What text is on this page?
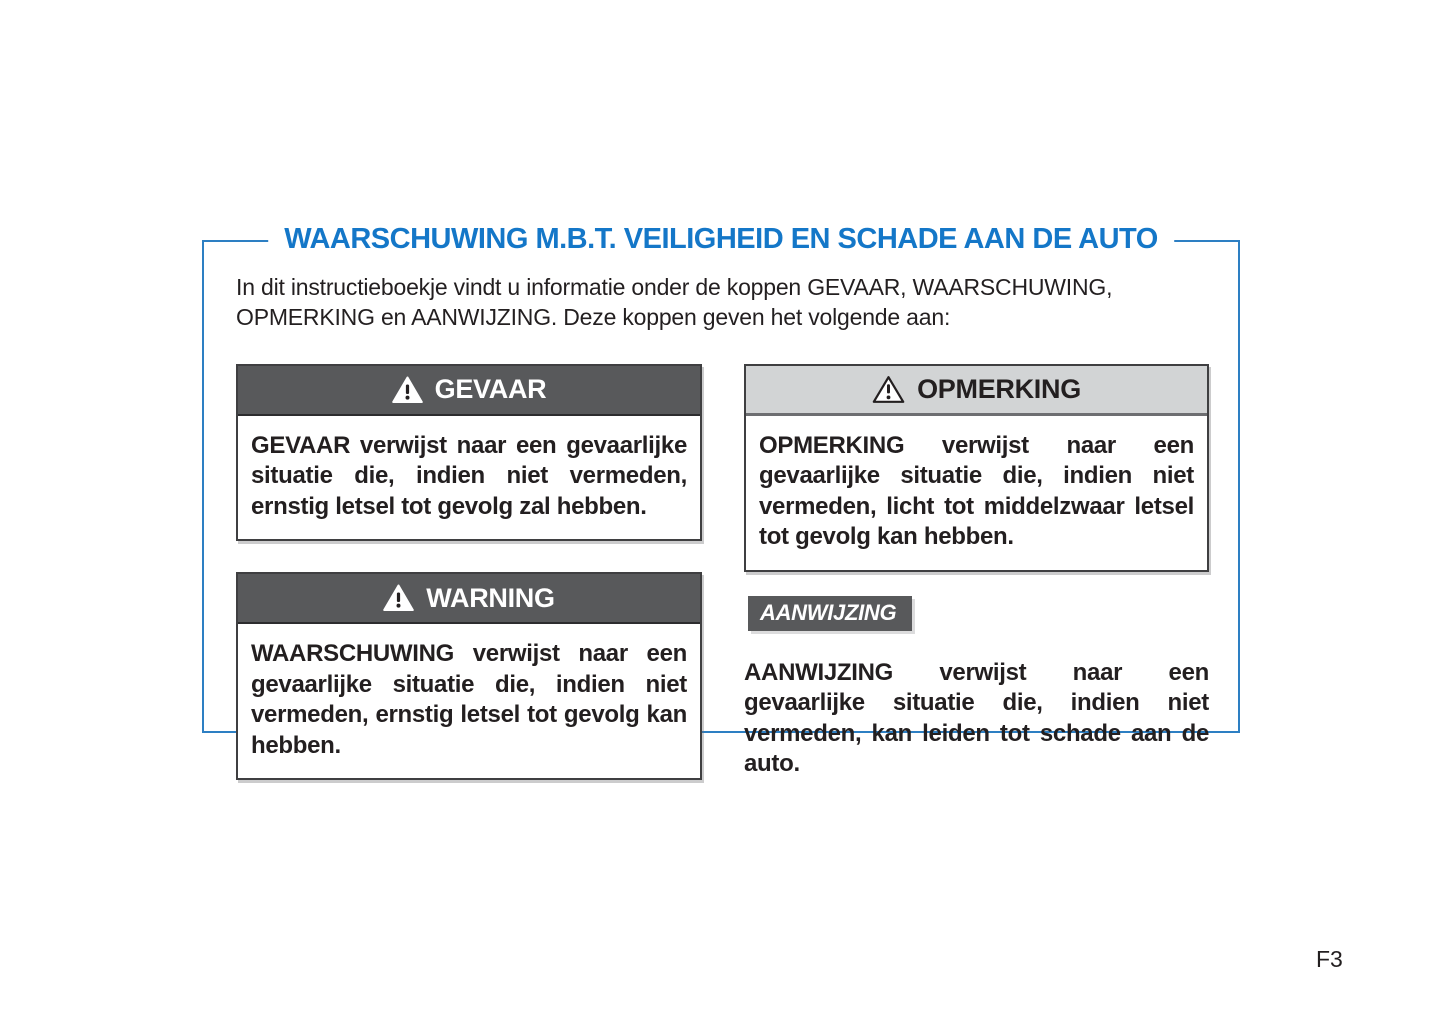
WAARSCHUWING M.B.T. VEILIGHEID EN SCHADE AAN DE AUTO

In dit instructieboekje vindt u informatie onder de koppen GEVAAR, WAARSCHUWING, OPMERKING en AANWIJZING. Deze koppen geven het volgende aan:

GEVAAR
GEVAAR verwijst naar een gevaarlijke situatie die, indien niet vermeden, ernstig letsel tot gevolg zal hebben.
WARNING
WAARSCHUWING verwijst naar een gevaarlijke situatie die, indien niet vermeden, ernstig letsel tot gevolg kan hebben.
OPMERKING
OPMERKING verwijst naar een gevaarlijke situatie die, indien niet vermeden, licht tot middelzwaar letsel tot gevolg kan hebben.
AANWIJZING

AANWIJZING verwijst naar een gevaarlijke situatie die, indien niet vermeden, kan leiden tot schade aan de auto.

F3
